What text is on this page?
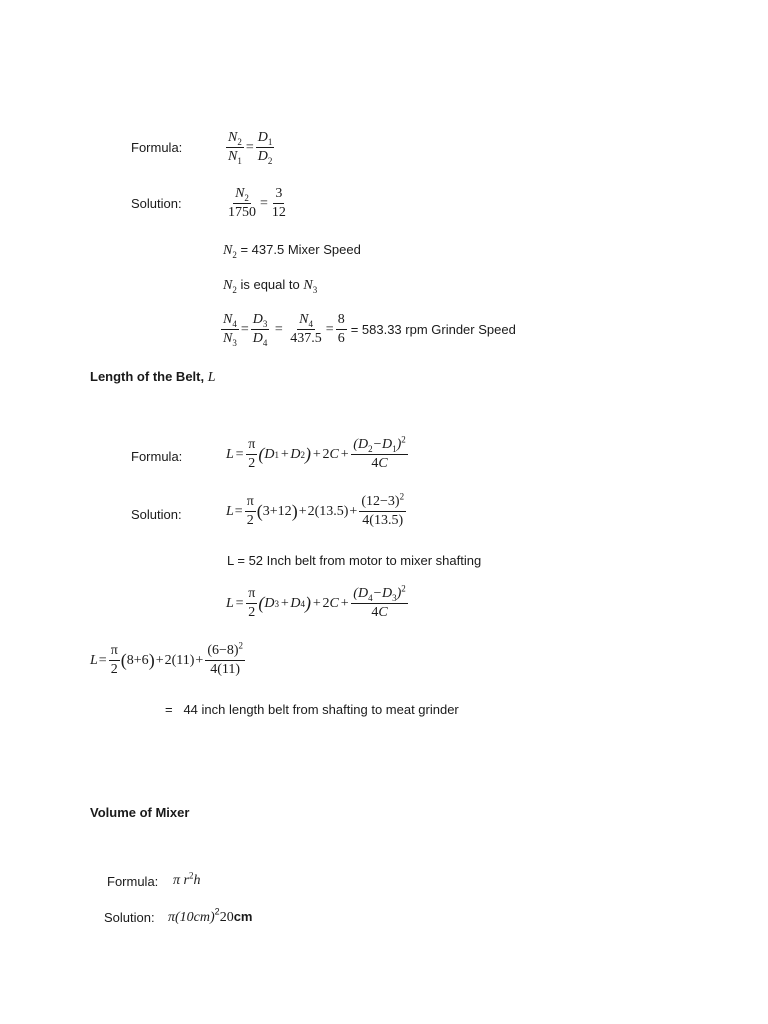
Formula:	$\frac{N_2}{N_1} = \frac{D_1}{D_2}$
Solution:	$\frac{N_2}{1750} = \frac{3}{12}$
$N_2 = 437.5$ Mixer Speed
$N_2$ is equal to $N_3$
$\frac{N_4}{N_3} = \frac{D_3}{D_4} = \frac{N_4}{437.5} = \frac{8}{6} = 583.33$ rpm Grinder Speed
Length of the Belt, L
Formula:	$L = \frac{\pi}{2}$ ( D 1 + D 2 ) + 2 $C + \frac{(D_2-D_1)^2}{4C}$
Solution:	$L = \frac{\pi}{2}$ ( 3+12 ) + $2(13.5) + \frac{(12-3)^2}{4(13.5)}$
L = 52 Inch belt from motor to mixer shafting
$L = \frac{\pi}{2}$ ( D 3 + D 4 ) + 2 $C + \frac{(D_4-D_3)^2}{4C}$
$L = \frac{\pi}{2}$ ( 8+6 ) + $2(11) + \frac{(6-8)^2}{4(11)}$
= 44 inch length belt from shafting to meat grinder
Volume of Mixer
Formula: π $r^2h$
Solution: $\pi(10cm)^220cm$
